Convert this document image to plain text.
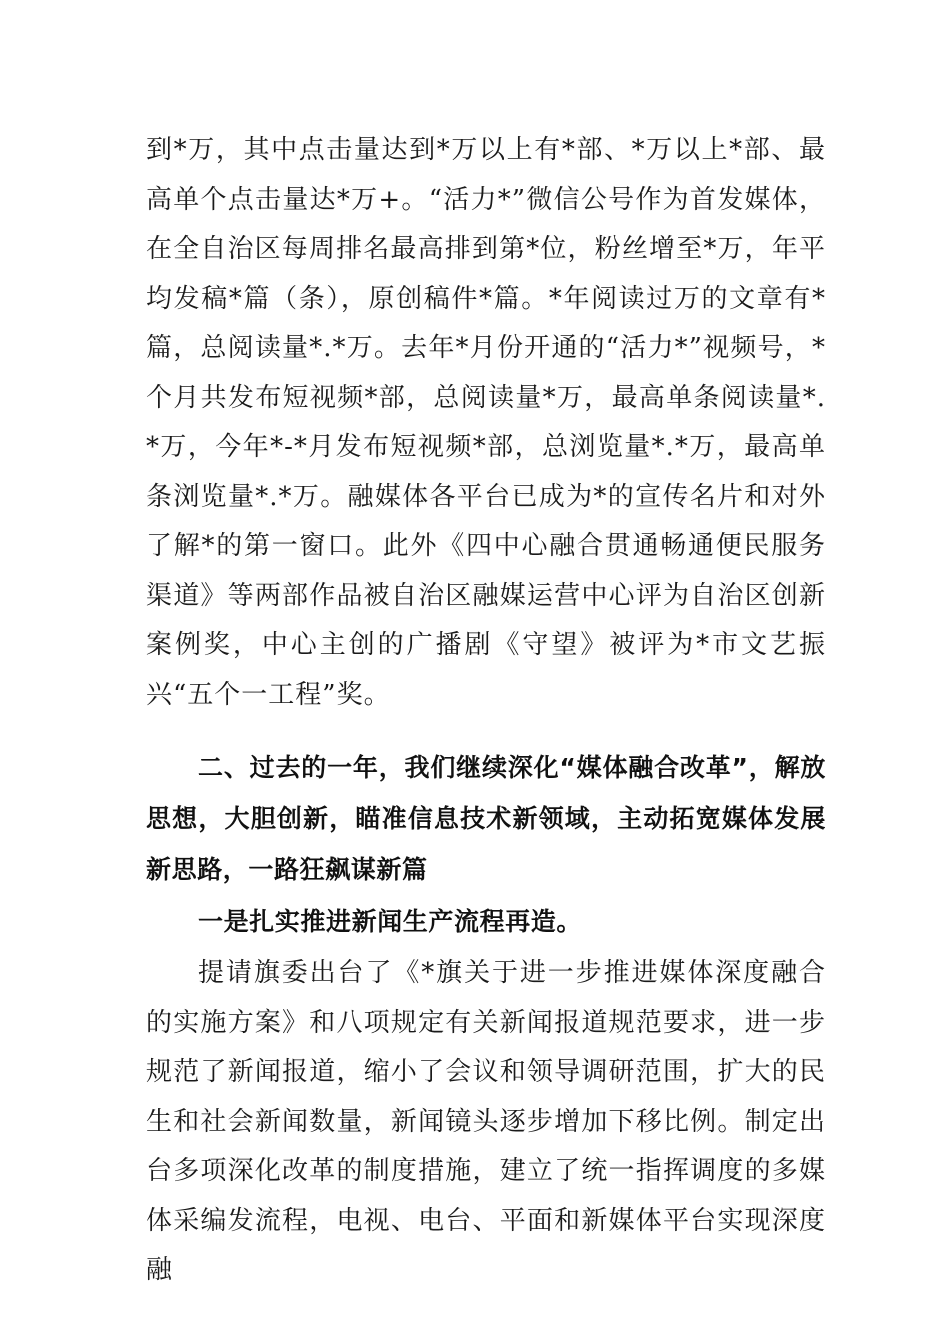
到*万，其中点击量达到*万以上有*部、*万以上*部、最高单个点击量达*万+。“活力*”微信公号作为首发媒体，在全自治区每周排名最高排到第*位，粉丝增至*万，年平均发稿*篇（条），原创稿件*篇。*年阅读过万的文章有*篇，总阅读量*.*万。去年*月份开通的“活力*”视频号，*个月共发布短视频*部，总阅读量*万，最高单条阅读量*.*万，今年*-*月发布短视频*部，总浏览量*.*万，最高单条浏览量*.*万。融媒体各平台已成为*的宣传名片和对外了解*的第一窗口。此外《四中心融合贯通畅通便民服务渠道》等两部作品被自治区融媒运营中心评为自治区创新案例奖，中心主创的广播剧《守望》被评为*市文艺振兴“五个一工程”奖。

二、过去的一年，我们继续深化“媒体融合改革”，解放思想，大胆创新，瞄准信息技术新领域，主动拓宽媒体发展新思路，一路狂飙谋新篇

一是扎实推进新闻生产流程再造。

提请旗委出台了《*旗关于进一步推进媒体深度融合的实施方案》和八项规定有关新闻报道规范要求，进一步规范了新闻报道，缩小了会议和领导调研范围，扩大的民生和社会新闻数量，新闻镜头逐步增加下移比例。制定出台多项深化改革的制度措施，建立了统一指挥调度的多媒体采编发流程，电视、电台、平面和新媒体平台实现深度融
